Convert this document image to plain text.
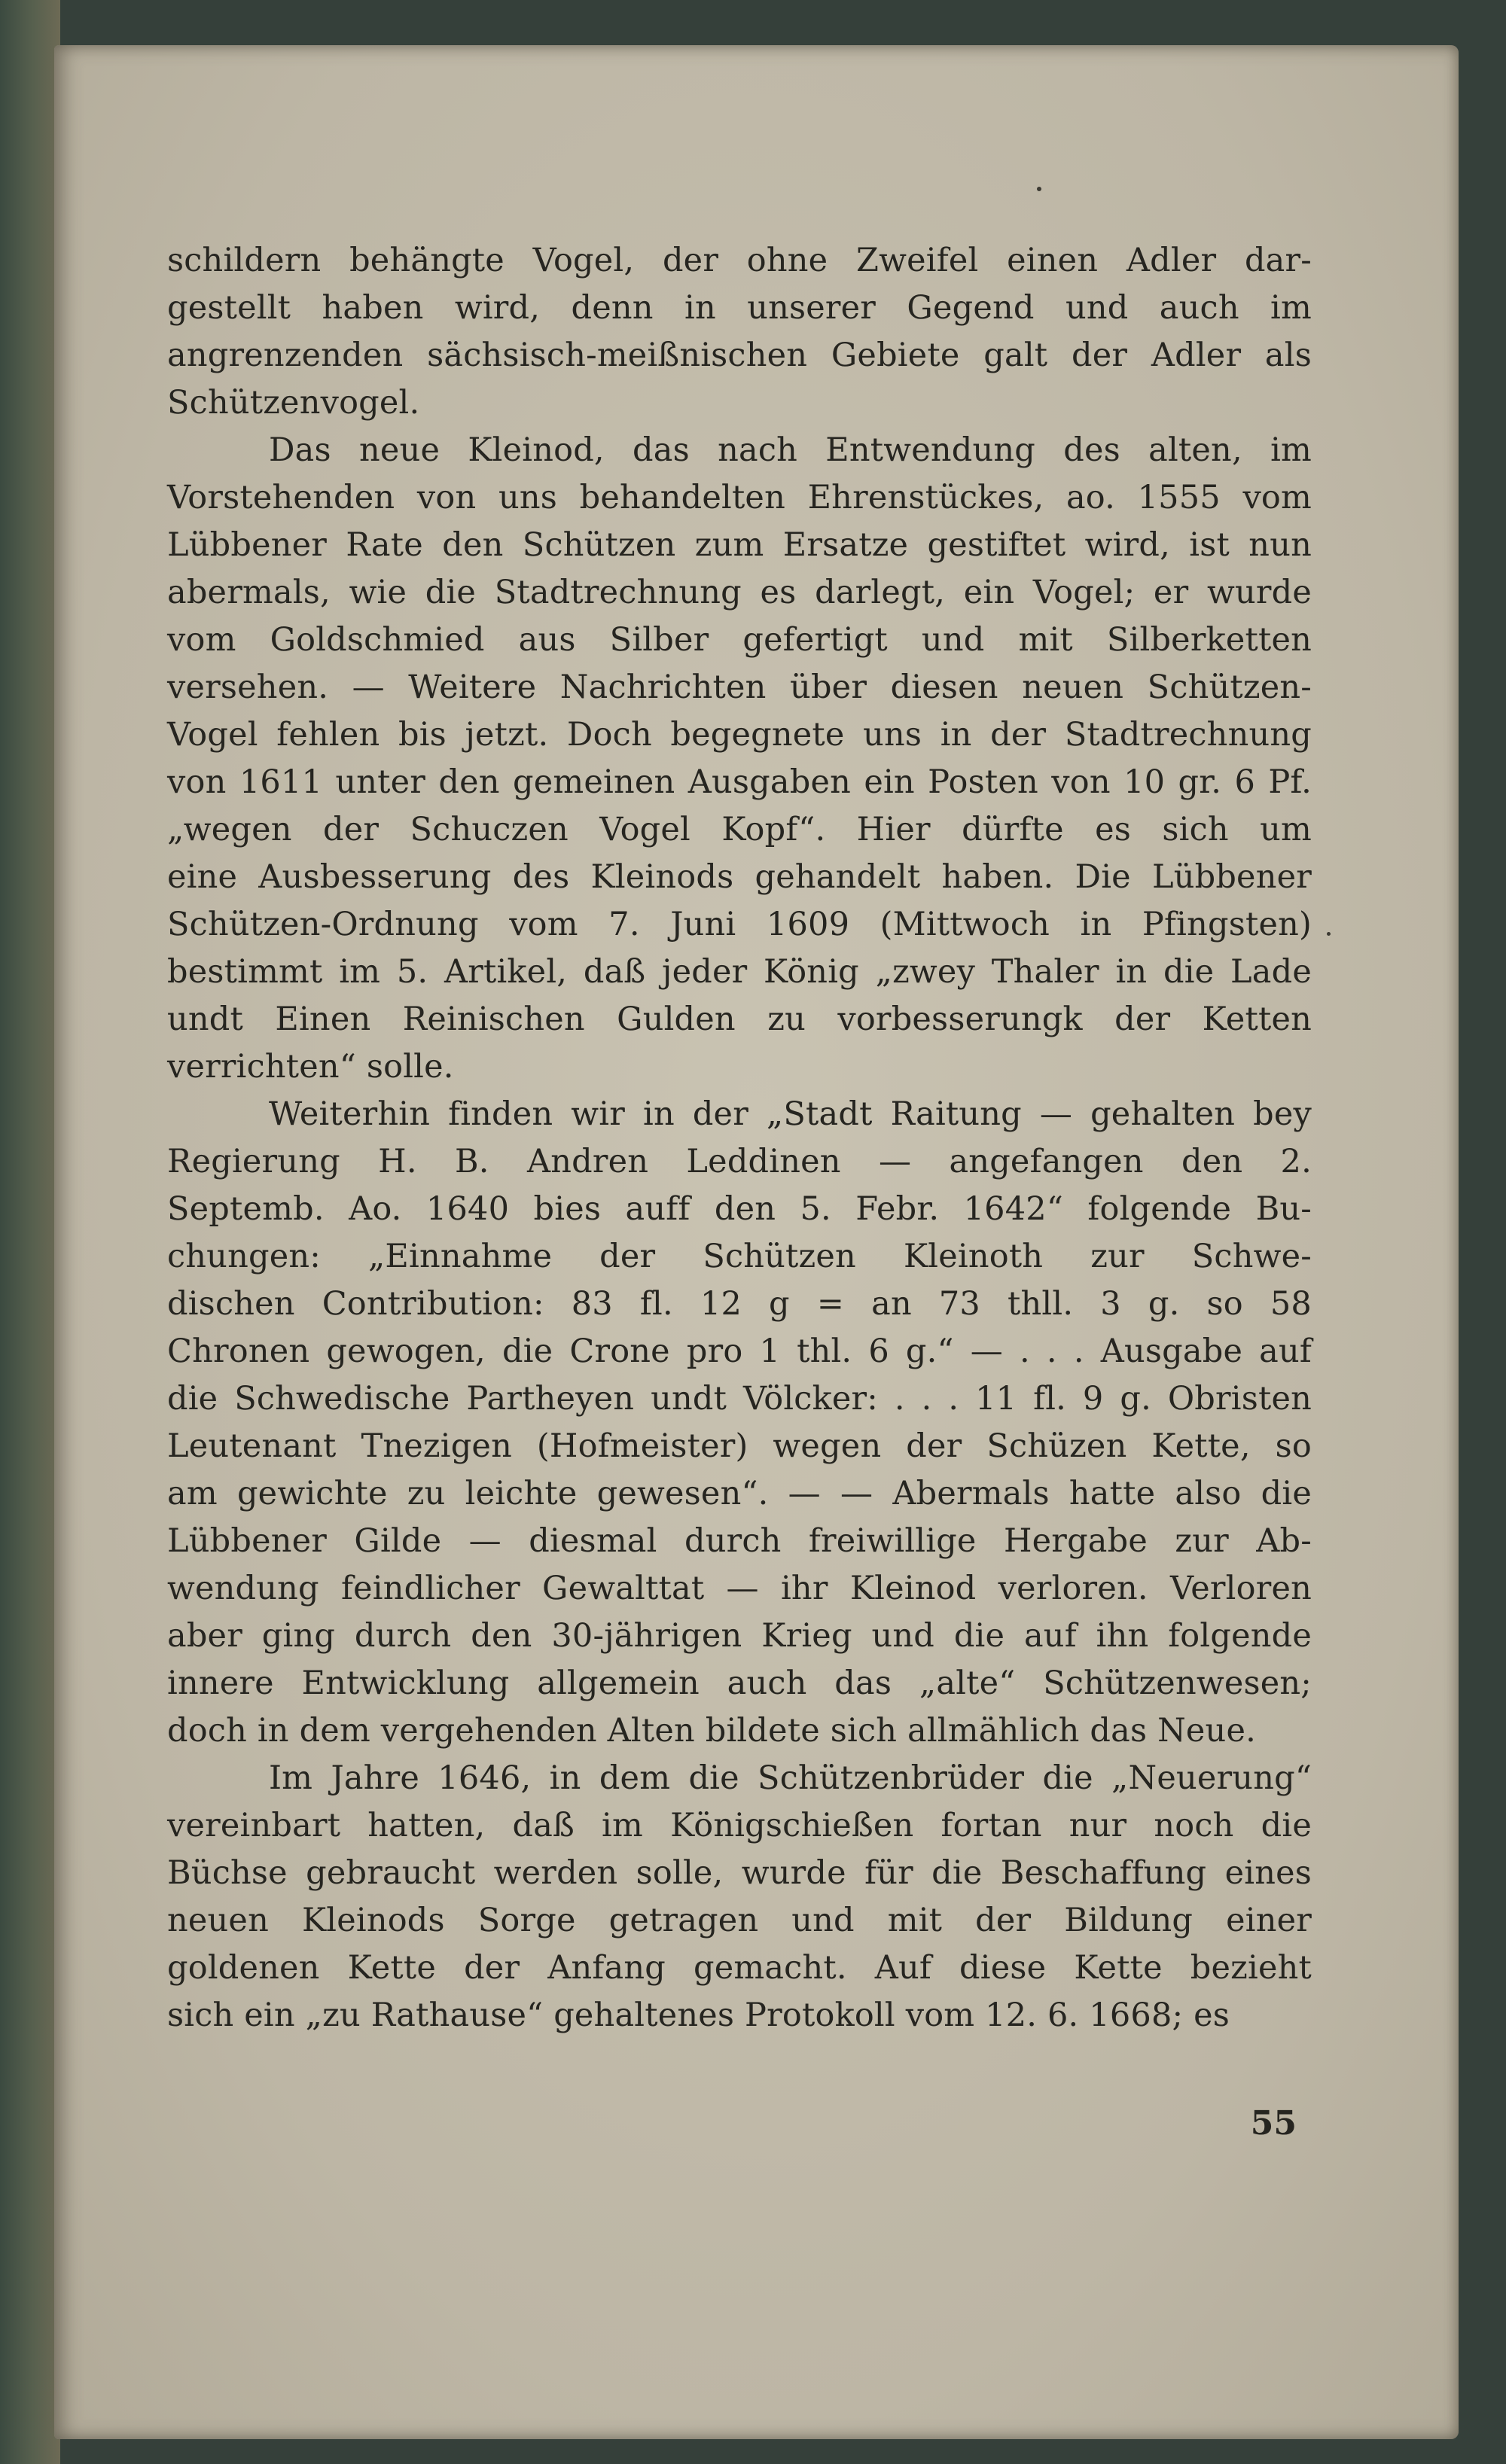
schildern behängte Vogel, der ohne Zweifel einen Adler dar-
gestellt haben wird, denn in unserer Gegend und auch im
angrenzenden sächsisch-meißnischen Gebiete galt der Adler als
Schützenvogel.
Das neue Kleinod, das nach Entwendung des alten, im
Vorstehenden von uns behandelten Ehrenstückes, ao. 1555 vom
Lübbener Rate den Schützen zum Ersatze gestiftet wird, ist nun
abermals, wie die Stadtrechnung es darlegt, ein Vogel; er wurde
vom Goldschmied aus Silber gefertigt und mit Silberketten
versehen. — Weitere Nachrichten über diesen neuen Schützen-
Vogel fehlen bis jetzt. Doch begegnete uns in der Stadtrechnung
von 1611 unter den gemeinen Ausgaben ein Posten von 10 gr. 6 Pf.
„wegen der Schuczen Vogel Kopf“. Hier dürfte es sich um
eine Ausbesserung des Kleinods gehandelt haben. Die Lübbener
Schützen-Ordnung vom 7. Juni 1609 (Mittwoch in Pfingsten)
bestimmt im 5. Artikel, daß jeder König „zwey Thaler in die Lade
undt Einen Reinischen Gulden zu vorbesserungk der Ketten
verrichten“ solle.
Weiterhin finden wir in der „Stadt Raitung — gehalten bey
Regierung H. B. Andren Leddinen — angefangen den 2.
Septemb. Ao. 1640 bies auff den 5. Febr. 1642“ folgende Bu-
chungen: „Einnahme der Schützen Kleinoth zur Schwe-
dischen Contribution: 83 fl. 12 g = an 73 thll. 3 g. so 58
Chronen gewogen, die Crone pro 1 thl. 6 g.“ — . . . Ausgabe auf
die Schwedische Partheyen undt Völcker: . . . 11 fl. 9 g. Obristen
Leutenant Tnezigen (Hofmeister) wegen der Schüzen Kette, so
am gewichte zu leichte gewesen“. — — Abermals hatte also die
Lübbener Gilde — diesmal durch freiwillige Hergabe zur Ab-
wendung feindlicher Gewalttat — ihr Kleinod verloren. Verloren
aber ging durch den 30-jährigen Krieg und die auf ihn folgende
innere Entwicklung allgemein auch das „alte“ Schützenwesen;
doch in dem vergehenden Alten bildete sich allmählich das Neue.
Im Jahre 1646, in dem die Schützenbrüder die „Neuerung“
vereinbart hatten, daß im Königschießen fortan nur noch die
Büchse gebraucht werden solle, wurde für die Beschaffung eines
neuen Kleinods Sorge getragen und mit der Bildung einer
goldenen Kette der Anfang gemacht. Auf diese Kette bezieht
sich ein „zu Rathause“ gehaltenes Protokoll vom 12. 6. 1668; es
55
